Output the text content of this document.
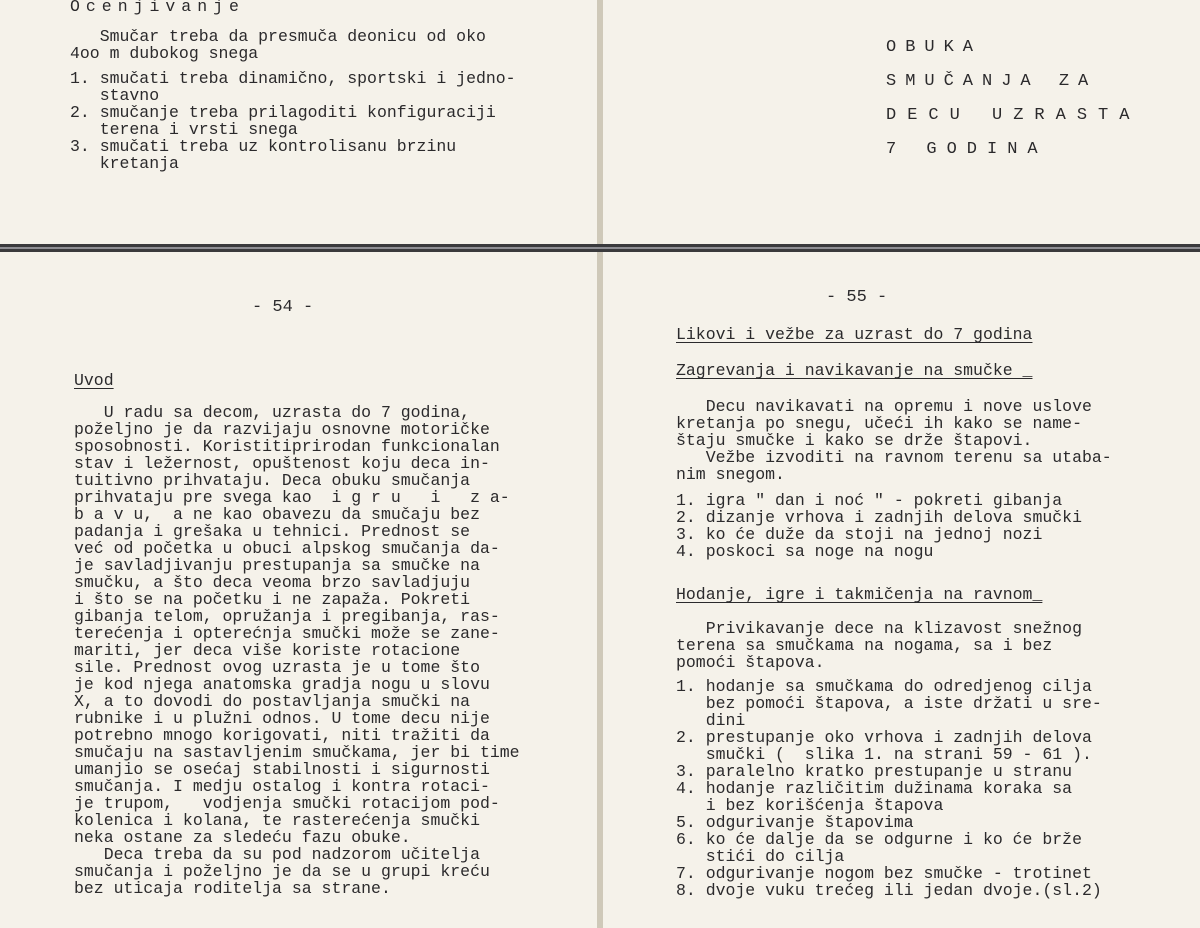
Ocenjivanje
Smučar treba da presmuča deonicu od oko
4oo m dubokog snega
1. smučati treba dinamično, sportski i jedno-
stavno
2. smučanje treba prilagoditi konfiguraciji
terena i vrsti snega
3. smučati treba uz kontrolisanu brzinu
kretanja
OBUKA
SMUČANJA ZA
DECU UZRASTA
7 GODINA
- 54 -
Uvod
U radu sa decom, uzrasta do 7 godina,
poželjno je da razvijaju osnovne motoričke
sposobnosti. Koristitiprirodan funkcionalan
stav i ležernost, opuštenost koju deca in-
tuitivno prihvataju. Deca obuku smučanja
prihvataju pre svega kao  i g r u   i   z a-
b a v u,  a ne kao obavezu da smučaju bez
padanja i grešaka u tehnici. Prednost se
već od početka u obuci alpskog smučanja da-
je savladjivanju prestupanja sa smučke na
smučku, a što deca veoma brzo savladjuju
i što se na početku i ne zapaža. Pokreti
gibanja telom, opružanja i pregibanja, ras-
terećenja i opterećnja smučki može se zane-
mariti, jer deca više koriste rotacione
sile. Prednost ovog uzrasta je u tome što
je kod njega anatomska gradja nogu u slovu
X, a to dovodi do postavljanja smučki na
rubnike i u plužni odnos. U tome decu nije
potrebno mnogo korigovati, niti tražiti da
smučaju na sastavljenim smučkama, jer bi time
umanjio se osećaj stabilnosti i sigurnosti
smučanja. I medju ostalog i kontra rotaci-
je trupom,   vodjenja smučki rotacijom pod-
kolenica i kolana, te rasterećenja smučki
neka ostane za sledeću fazu obuke.
Deca treba da su pod nadzorom učitelja
smučanja i poželjno je da se u grupi kreću
bez uticaja roditelja sa strane.
- 55 -
Likovi i vežbe za uzrast do 7 godina
Zagrevanja i navikavanje na smučke _
Decu navikavati na opremu i nove uslove
kretanja po snegu, učeći ih kako se name-
štaju smučke i kako se drže štapovi.
Vežbe izvoditi na ravnom terenu sa utaba-
nim snegom.
1. igra " dan i noć " - pokreti gibanja
2. dizanje vrhova i zadnjih delova smučki
3. ko će duže da stoji na jednoj nozi
4. poskoci sa noge na nogu
Hodanje, igre i takmičenja na ravnom_
Privikavanje dece na klizavost snežnog
terena sa smučkama na nogama, sa i bez
pomoći štapova.
1. hodanje sa smučkama do odredjenog cilja
bez pomoći štapova, a iste držati u sre-
dini
2. prestupanje oko vrhova i zadnjih delova
smučki (  slika 1. na strani 59 - 61 ).
3. paralelno kratko prestupanje u stranu
4. hodanje različitim dužinama koraka sa
i bez korišćenja štapova
5. odgurivanje štapovima
6. ko će dalje da se odgurne i ko će brže
stići do cilja
7. odgurivanje nogom bez smučke - trotinet
8. dvoje vuku trećeg ili jedan dvoje.(sl.2)
